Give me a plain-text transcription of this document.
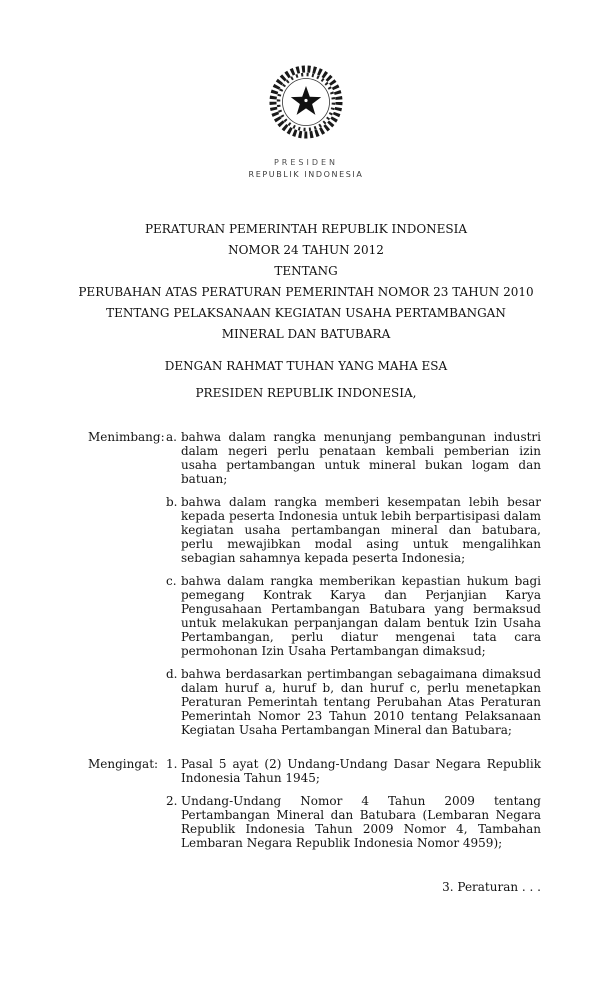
PRESIDEN
REPUBLIK INDONESIA
PERATURAN PEMERINTAH REPUBLIK INDONESIA
NOMOR 24 TAHUN 2012
TENTANG
PERUBAHAN ATAS PERATURAN PEMERINTAH NOMOR 23 TAHUN 2010
TENTANG PELAKSANAAN KEGIATAN USAHA PERTAMBANGAN
MINERAL DAN BATUBARA
DENGAN RAHMAT TUHAN YANG MAHA ESA
PRESIDEN REPUBLIK INDONESIA,
Menimbang : a. bahwa dalam rangka menunjang pembangunan industri dalam negeri perlu penataan kembali pemberian izin usaha pertambangan untuk mineral bukan logam dan batuan;
b. bahwa dalam rangka memberi kesempatan lebih besar kepada peserta Indonesia untuk lebih berpartisipasi dalam kegiatan usaha pertambangan mineral dan batubara, perlu mewajibkan modal asing untuk mengalihkan sebagian sahamnya kepada peserta Indonesia;
c. bahwa dalam rangka memberikan kepastian hukum bagi pemegang Kontrak Karya dan Perjanjian Karya Pengusahaan Pertambangan Batubara yang bermaksud untuk melakukan perpanjangan dalam bentuk Izin Usaha Pertambangan, perlu diatur mengenai tata cara permohonan Izin Usaha Pertambangan dimaksud;
d. bahwa berdasarkan pertimbangan sebagaimana dimaksud dalam huruf a, huruf b, dan huruf c, perlu menetapkan Peraturan Pemerintah tentang Perubahan Atas Peraturan Pemerintah Nomor 23 Tahun 2010 tentang Pelaksanaan Kegiatan Usaha Pertambangan Mineral dan Batubara;
Mengingat : 1. Pasal 5 ayat (2) Undang-Undang Dasar Negara Republik Indonesia Tahun 1945;
2. Undang-Undang Nomor 4 Tahun 2009 tentang Pertambangan Mineral dan Batubara (Lembaran Negara Republik Indonesia Tahun 2009 Nomor 4, Tambahan Lembaran Negara Republik Indonesia Nomor 4959);
3. Peraturan . . .
